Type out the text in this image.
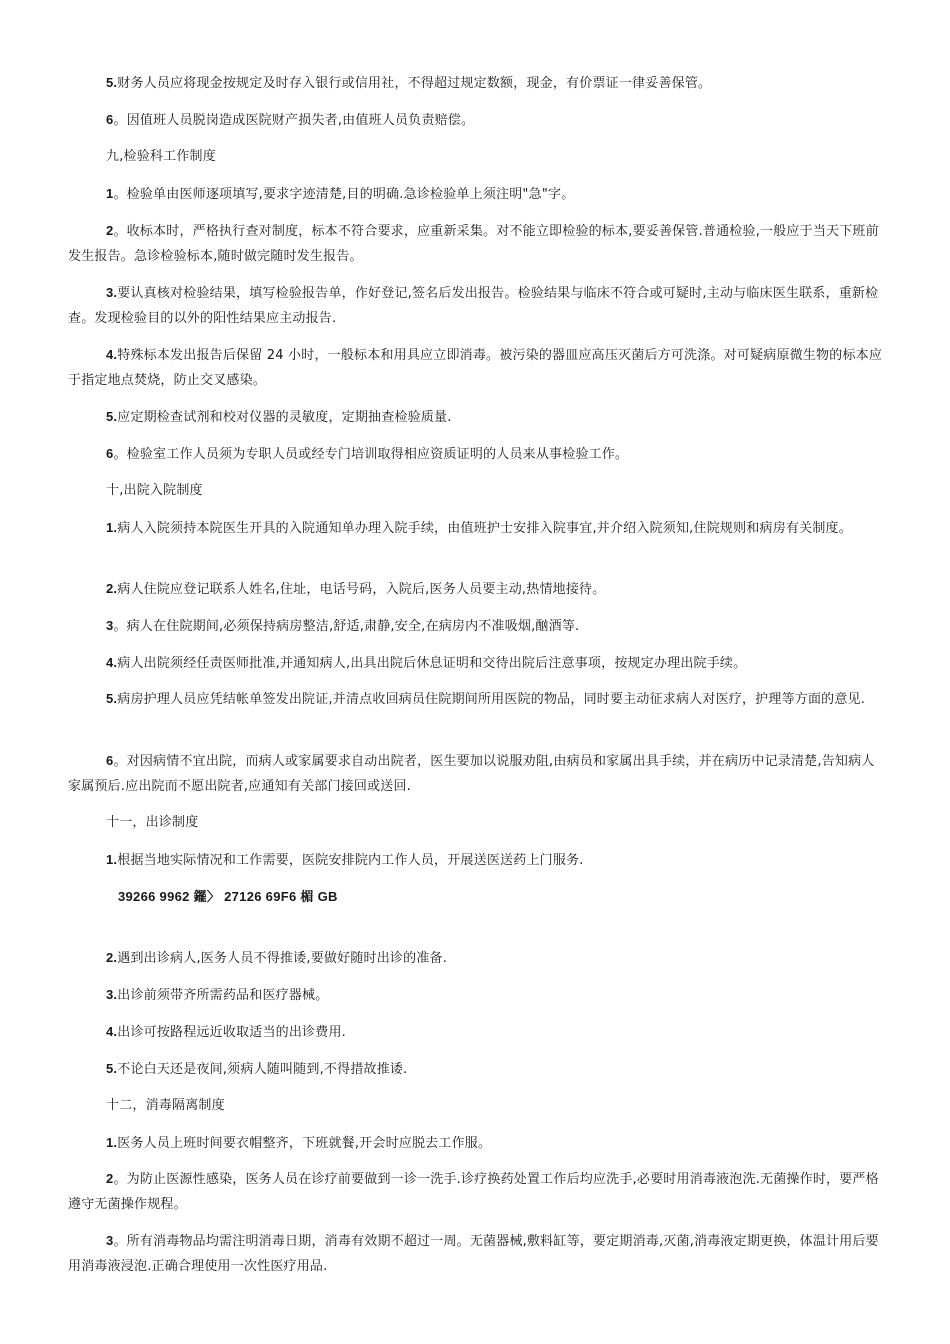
5.财务人员应将现金按规定及时存入银行或信用社，不得超过规定数额，现金，有价票证一律妥善保管。

6。因值班人员脱岗造成医院财产损失者,由值班人员负责赔偿。

九,检验科工作制度

1。检验单由医师逐项填写,要求字迹清楚,目的明确.急诊检验单上须注明"急"字。

2。收标本时，严格执行查对制度，标本不符合要求，应重新采集。对不能立即检验的标本,要妥善保管.普通检验,一般应于当天下班前发生报告。急诊检验标本,随时做完随时发生报告。

3.要认真核对检验结果，填写检验报告单，作好登记,签名后发出报告。检验结果与临床不符合或可疑时,主动与临床医生联系，重新检查。发现检验目的以外的阳性结果应主动报告.

4.特殊标本发出报告后保留 24 小时，一般标本和用具应立即消毒。被污染的器皿应高压灭菌后方可洗涤。对可疑病原微生物的标本应于指定地点焚烧，防止交叉感染。

5.应定期检查试剂和校对仪器的灵敏度，定期抽查检验质量.

6。检验室工作人员须为专职人员或经专门培训取得相应资质证明的人员来从事检验工作。

十,出院入院制度

1.病人入院须持本院医生开具的入院通知单办理入院手续，由值班护士安排入院事宜,并介绍入院须知,住院规则和病房有关制度。

2.病人住院应登记联系人姓名,住址，电话号码，入院后,医务人员要主动,热情地接待。

3。病人在住院期间,必须保持病房整洁,舒适,肃静,安全,在病房内不准吸烟,酗酒等.

4.病人出院须经任责医师批准,并通知病人,出具出院后休息证明和交待出院后注意事项，按规定办理出院手续。

5.病房护理人员应凭结帐单签发出院证,并清点收回病员住院期间所用医院的物品，同时要主动征求病人对医疗，护理等方面的意见.

6。对因病情不宜出院，而病人或家属要求自动出院者，医生要加以说服劝阻,由病员和家属出具手续，并在病历中记录清楚,告知病人家属预后.应出院而不愿出院者,应通知有关部门接回或送回.

十一，出诊制度

1.根据当地实际情况和工作需要，医院安排院内工作人员，开展送医送药上门服务.

39266 9962 䥯〉 27126 69F6 楣 GB

2.遇到出诊病人,医务人员不得推诿,要做好随时出诊的准备.

3.出诊前须带齐所需药品和医疗器械。

4.出诊可按路程远近收取适当的出诊费用.

5.不论白天还是夜间,须病人随叫随到,不得措故推诿.

十二，消毒隔离制度

1.医务人员上班时间要衣帽整齐，下班就餐,开会时应脱去工作服。

2。为防止医源性感染，医务人员在诊疗前要做到一诊一洗手.诊疗换药处置工作后均应洗手,必要时用消毒液泡洗.无菌操作时，要严格遵守无菌操作规程。

3。所有消毒物品均需注明消毒日期，消毒有效期不超过一周。无菌器械,敷料缸等，要定期消毒,灭菌,消毒液定期更换，体温计用后要用消毒液浸泡.正确合理使用一次性医疗用品.
